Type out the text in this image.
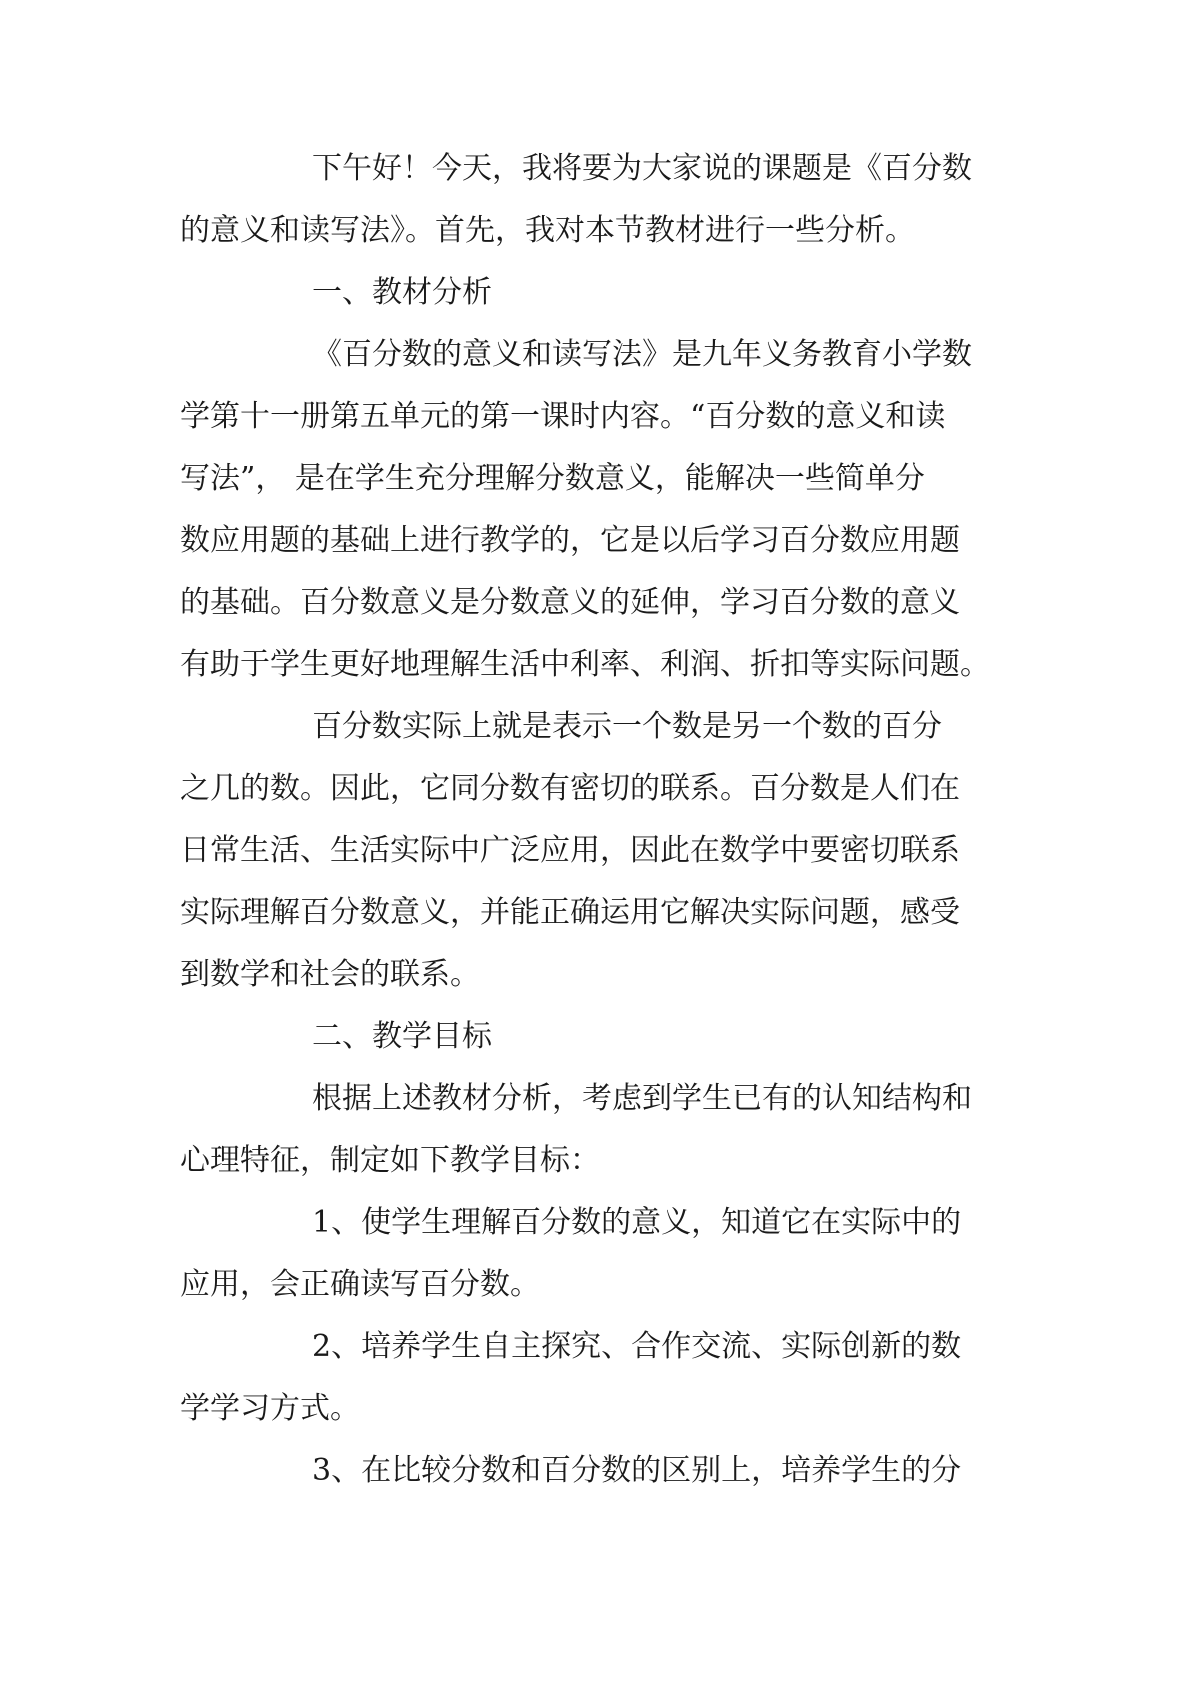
下午好！今天，我将要为大家说的课题是《百分数

的意义和读写法》。首先，我对本节教材进行一些分析。

一、教材分析

《百分数的意义和读写法》是九年义务教育小学数

学第十一册第五单元的第一课时内容。“百分数的意义和读

写法”， 是在学生充分理解分数意义，能解决一些简单分

数应用题的基础上进行教学的，它是以后学习百分数应用题

的基础。百分数意义是分数意义的延伸，学习百分数的意义

有助于学生更好地理解生活中利率、利润、折扣等实际问题。

百分数实际上就是表示一个数是另一个数的百分

之几的数。因此，它同分数有密切的联系。百分数是人们在

日常生活、生活实际中广泛应用，因此在数学中要密切联系

实际理解百分数意义，并能正确运用它解决实际问题，感受

到数学和社会的联系。

二、教学目标

根据上述教材分析，考虑到学生已有的认知结构和

心理特征，制定如下教学目标：

1、使学生理解百分数的意义，知道它在实际中的

应用，会正确读写百分数。

2、培养学生自主探究、合作交流、实际创新的数

学学习方式。

3、在比较分数和百分数的区别上，培养学生的分
